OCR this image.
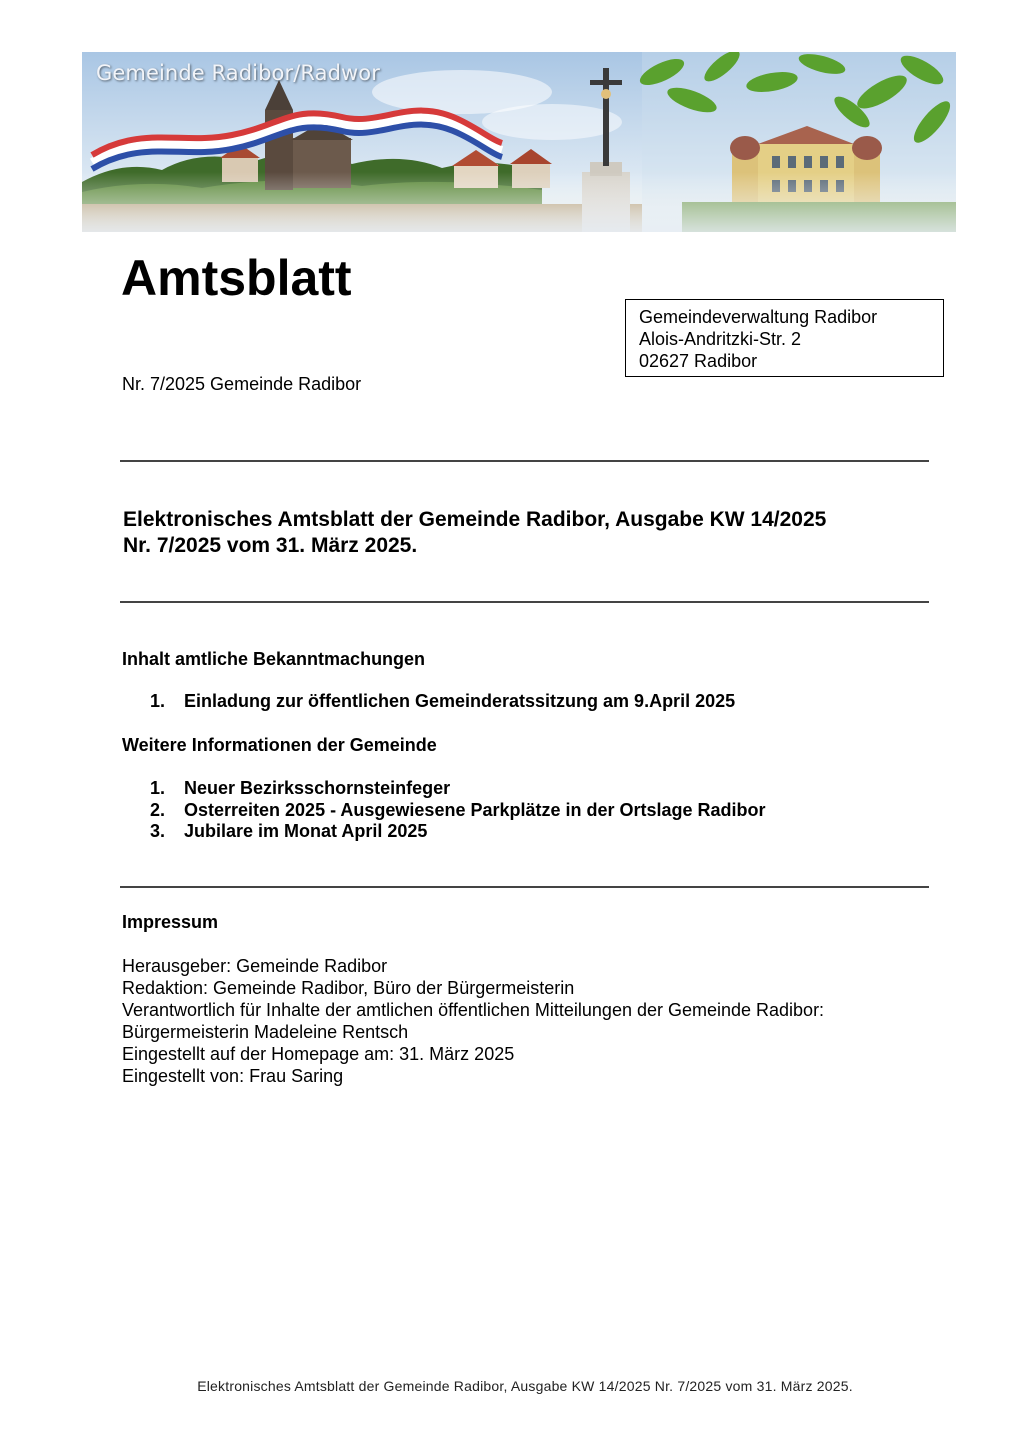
Gemeinde Radibor/Radwor
Amtsblatt
Gemeindeverwaltung Radibor
Alois-Andritzki-Str. 2
02627 Radibor
Nr. 7/2025 Gemeinde Radibor
Elektronisches Amtsblatt der Gemeinde Radibor, Ausgabe KW 14/2025
Nr. 7/2025 vom 31. März 2025.
Inhalt amtliche Bekanntmachungen
1. Einladung zur öffentlichen Gemeinderatssitzung am 9.April 2025
Weitere Informationen der Gemeinde
1. Neuer Bezirksschornsteinfeger
2. Osterreiten 2025 - Ausgewiesene Parkplätze in der Ortslage Radibor
3. Jubilare im Monat April 2025
Impressum
Herausgeber: Gemeinde Radibor
Redaktion: Gemeinde Radibor, Büro der Bürgermeisterin
Verantwortlich für Inhalte der amtlichen öffentlichen Mitteilungen der Gemeinde Radibor:
Bürgermeisterin Madeleine Rentsch
Eingestellt auf der Homepage am: 31. März 2025
Eingestellt von: Frau Saring
Elektronisches Amtsblatt der Gemeinde Radibor, Ausgabe KW 14/2025 Nr. 7/2025 vom 31. März 2025.
